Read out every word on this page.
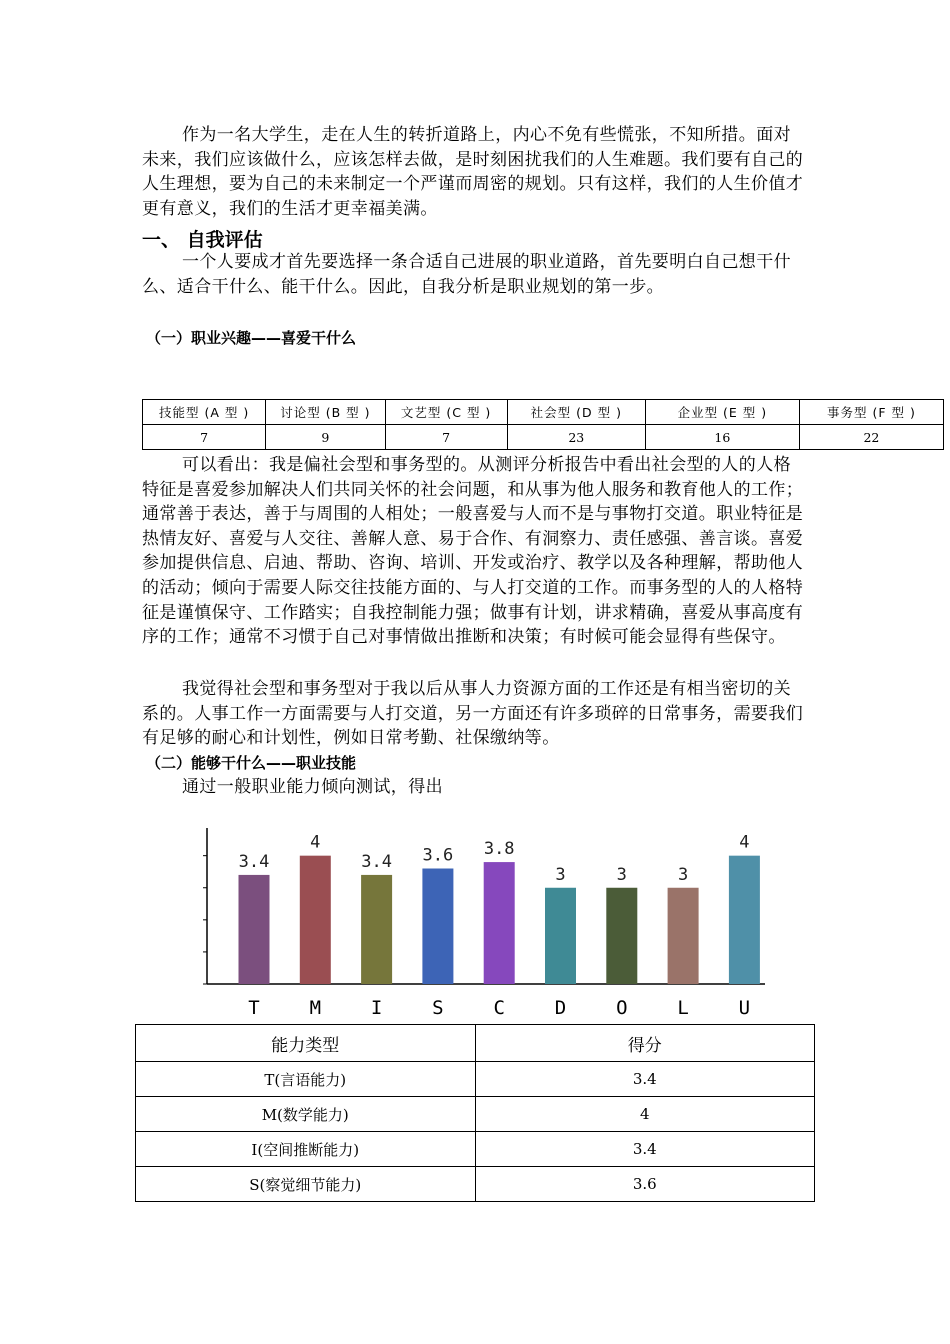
作为一名大学生，走在人生的转折道路上，内心不免有些慌张，不知所措。面对未来，我们应该做什么，应该怎样去做，是时刻困扰我们的人生难题。我们要有自己的人生理想，要为自己的未来制定一个严谨而周密的规划。只有这样，我们的人生价值才更有意义，我们的生活才更幸福美满。

一、 自我评估

一个人要成才首先要选择一条合适自己进展的职业道路，首先要明白自己想干什么、适合干什么、能干什么。因此，自我分析是职业规划的第一步。

（一）职业兴趣——喜爱干什么
技能型 (A 型 )	讨论型 (B 型 )	文艺型 (C 型 )	社会型 (D 型 )	企业型 (E 型 )	事务型 (F 型 )
7	9	7	23	16	22

可以看出：我是偏社会型和事务型的。从测评分析报告中看出社会型的人的人格特征是喜爱参加解决人们共同关怀的社会问题，和从事为他人服务和教育他人的工作；通常善于表达，善于与周围的人相处；一般喜爱与人而不是与事物打交道。职业特征是热情友好、喜爱与人交往、善解人意、易于合作、有洞察力、责任感强、善言谈。喜爱参加提供信息、启迪、帮助、咨询、培训、开发或治疗、教学以及各种理解，帮助他人的活动；倾向于需要人际交往技能方面的、与人打交道的工作。而事务型的人的人格特征是谨慎保守、工作踏实；自我控制能力强；做事有计划，讲求精确，喜爱从事高度有序的工作；通常不习惯于自己对事情做出推断和决策；有时候可能会显得有些保守。

我觉得社会型和事务型对于我以后从事人力资源方面的工作还是有相当密切的关系的。人事工作一方面需要与人打交道，另一方面还有许多琐碎的日常事务，需要我们有足够的耐心和计划性，例如日常考勤、社保缴纳等。

（二）能够干什么——职业技能

通过一般职业能力倾向测试，得出

3.4
T
4
M
3.4
I
3.6
S
3.8
C
3
D
3
O
3
L
4
U
能力类型	得分
T(言语能力)	3.4
M(数学能力)	4
I(空间推断能力)	3.4
S(察觉细节能力)	3.6
